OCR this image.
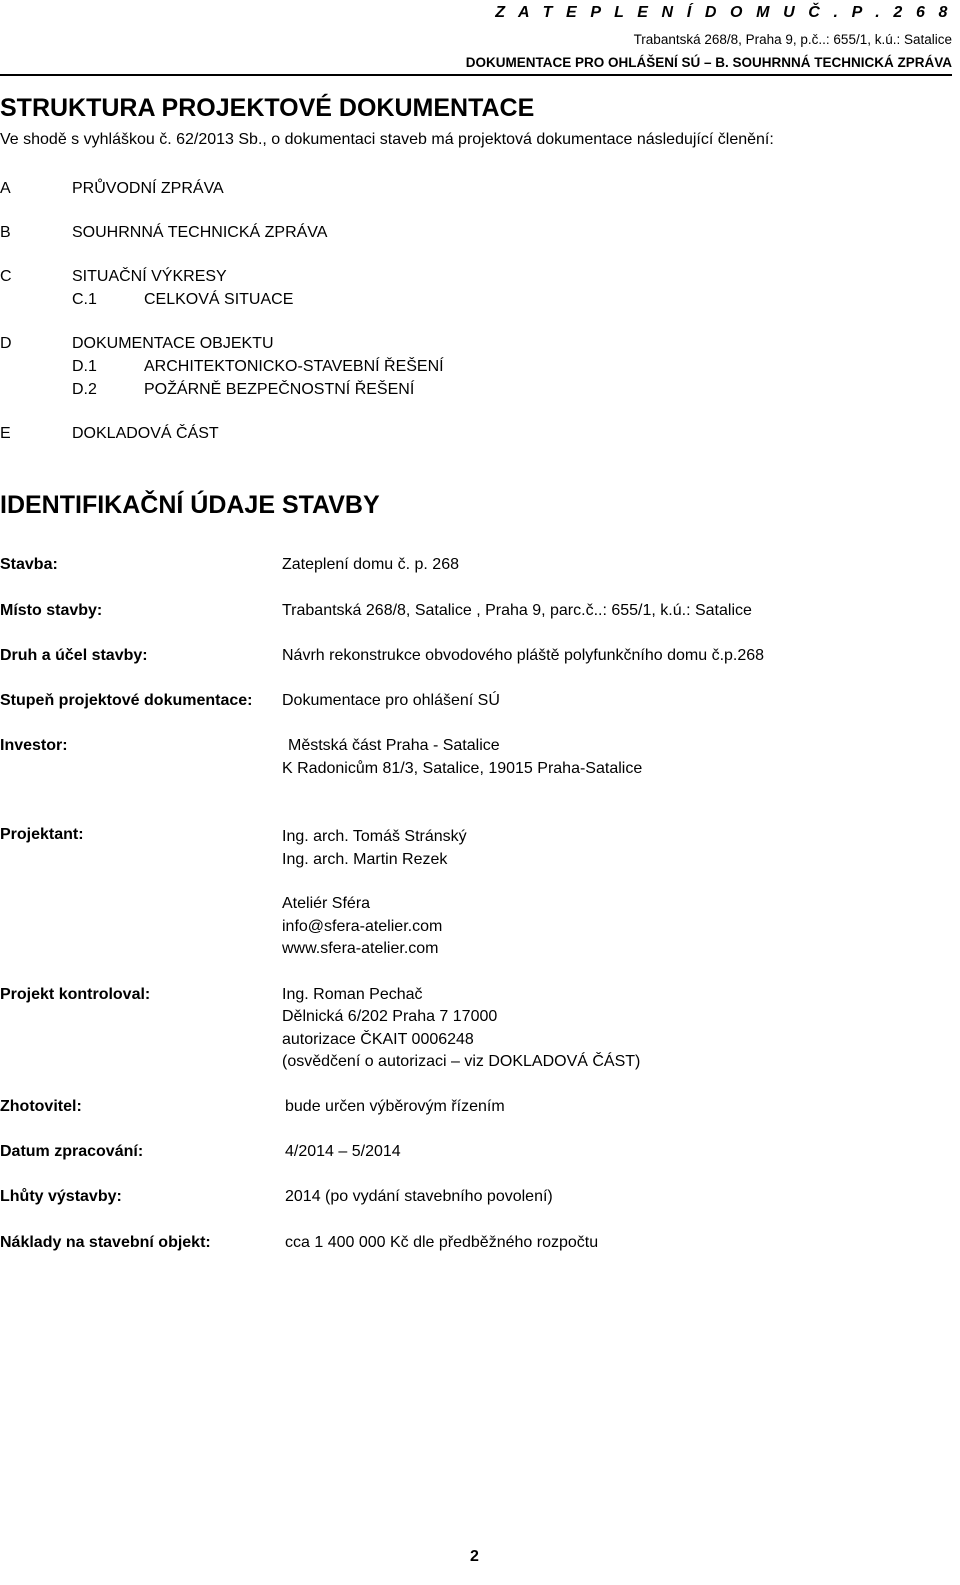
Z A T E P L E N Í D O M U Č . P . 2 6 8
Trabantská 268/8, Praha 9, p.č..: 655/1, k.ú.: Satalice
DOKUMENTACE PRO OHLÁŠENÍ SÚ – B. SOUHRNNÁ TECHNICKÁ ZPRÁVA
STRUKTURA PROJEKTOVÉ DOKUMENTACE
Ve shodě s vyhláškou č. 62/2013 Sb., o dokumentaci staveb má projektová dokumentace následující členění:
A	PRŮVODNÍ ZPRÁVA
B	SOUHRNNÁ TECHNICKÁ ZPRÁVA
C	SITUAČNÍ VÝKRESY
C.1	CELKOVÁ SITUACE
D	DOKUMENTACE OBJEKTU
D.1	ARCHITEKTONICKO-STAVEBNÍ ŘEŠENÍ
D.2	POŽÁRNĚ BEZPEČNOSTNÍ ŘEŠENÍ
E	DOKLADOVÁ ČÁST
IDENTIFIKAČNÍ ÚDAJE STAVBY
Stavba:	Zateplení domu č. p. 268
Místo stavby:	Trabantská 268/8, Satalice , Praha 9, parc.č..: 655/1, k.ú.: Satalice
Druh a účel stavby:	Návrh rekonstrukce obvodového pláště polyfunkčního domu č.p.268
Stupeň projektové dokumentace: Dokumentace pro ohlášení SÚ
Investor:	Městská část Praha - Satalice
K Radonicům 81/3, Satalice, 19015 Praha-Satalice
Projektant:	Ing. arch. Tomáš Stránský
Ing. arch. Martin Rezek
Ateliér Sféra
info@sfera-atelier.com
www.sfera-atelier.com
Projekt kontroloval:	Ing. Roman Pechač
Dělnická 6/202 Praha 7 17000
autorizace ČKAIT 0006248
(osvědčení o autorizaci – viz DOKLADOVÁ ČÁST)
Zhotovitel:	bude určen výběrovým řízením
Datum zpracování:	4/2014 – 5/2014
Lhůty výstavby:	2014 (po vydání stavebního povolení)
Náklady na stavební objekt:	cca 1 400 000 Kč dle předběžného rozpočtu
2
